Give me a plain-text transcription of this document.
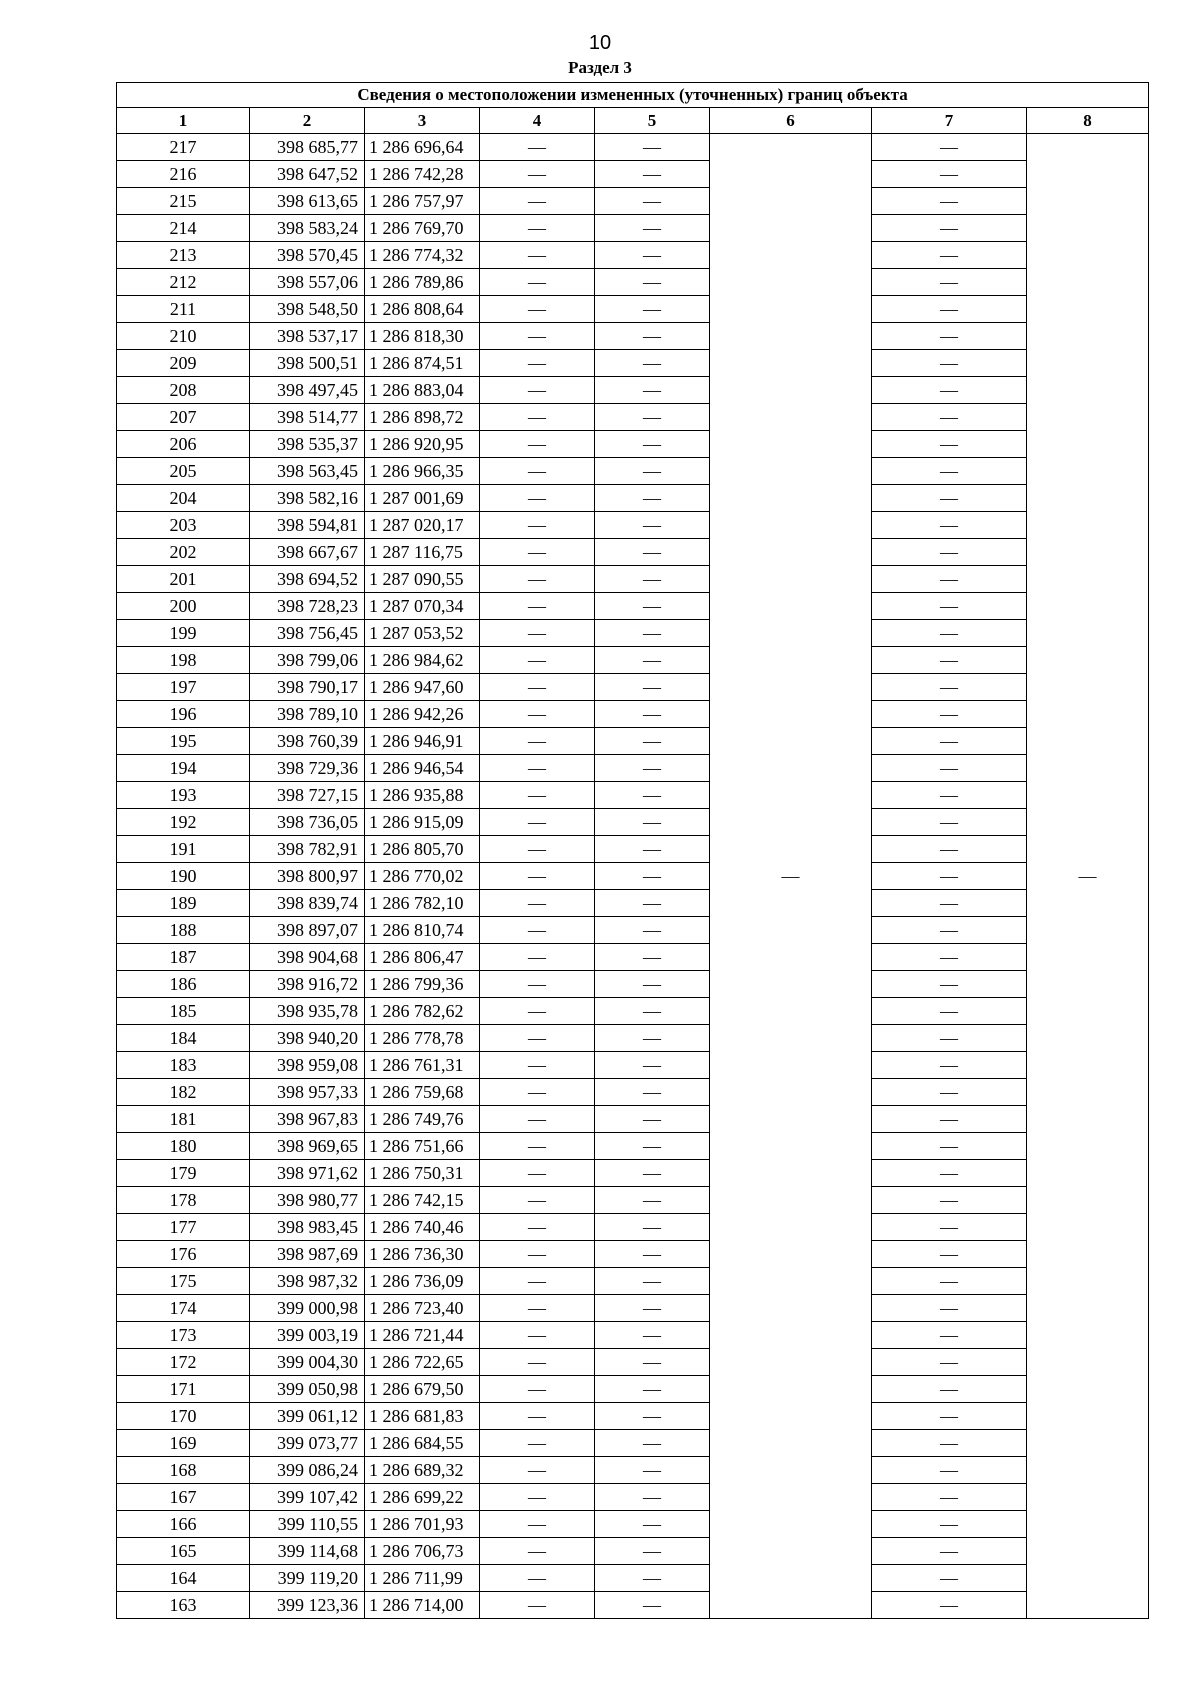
10
Раздел 3
Сведения о местоположении измененных (уточненных) границ объекта							
1	2	3	4	5	6	7	8
217	398 685,77	1 286 696,64	—	—	—	—	—
216	398 647,52	1 286 742,28	—	—		—	
215	398 613,65	1 286 757,97	—	—		—	
214	398 583,24	1 286 769,70	—	—		—	
213	398 570,45	1 286 774,32	—	—		—	
212	398 557,06	1 286 789,86	—	—		—	
211	398 548,50	1 286 808,64	—	—		—	
210	398 537,17	1 286 818,30	—	—		—	
209	398 500,51	1 286 874,51	—	—		—	
208	398 497,45	1 286 883,04	—	—		—	
207	398 514,77	1 286 898,72	—	—		—	
206	398 535,37	1 286 920,95	—	—		—	
205	398 563,45	1 286 966,35	—	—		—	
204	398 582,16	1 287 001,69	—	—		—	
203	398 594,81	1 287 020,17	—	—		—	
202	398 667,67	1 287 116,75	—	—		—	
201	398 694,52	1 287 090,55	—	—		—	
200	398 728,23	1 287 070,34	—	—		—	
199	398 756,45	1 287 053,52	—	—		—	
198	398 799,06	1 286 984,62	—	—		—	
197	398 790,17	1 286 947,60	—	—		—	
196	398 789,10	1 286 942,26	—	—		—	
195	398 760,39	1 286 946,91	—	—		—	
194	398 729,36	1 286 946,54	—	—		—	
193	398 727,15	1 286 935,88	—	—		—	
192	398 736,05	1 286 915,09	—	—		—	
191	398 782,91	1 286 805,70	—	—		—	
190	398 800,97	1 286 770,02	—	—		—	
189	398 839,74	1 286 782,10	—	—		—	
188	398 897,07	1 286 810,74	—	—		—	
187	398 904,68	1 286 806,47	—	—		—	
186	398 916,72	1 286 799,36	—	—		—	
185	398 935,78	1 286 782,62	—	—		—	
184	398 940,20	1 286 778,78	—	—		—	
183	398 959,08	1 286 761,31	—	—		—	
182	398 957,33	1 286 759,68	—	—		—	
181	398 967,83	1 286 749,76	—	—		—	
180	398 969,65	1 286 751,66	—	—		—	
179	398 971,62	1 286 750,31	—	—		—	
178	398 980,77	1 286 742,15	—	—		—	
177	398 983,45	1 286 740,46	—	—		—	
176	398 987,69	1 286 736,30	—	—		—	
175	398 987,32	1 286 736,09	—	—		—	
174	399 000,98	1 286 723,40	—	—		—	
173	399 003,19	1 286 721,44	—	—		—	
172	399 004,30	1 286 722,65	—	—		—	
171	399 050,98	1 286 679,50	—	—		—	
170	399 061,12	1 286 681,83	—	—		—	
169	399 073,77	1 286 684,55	—	—		—	
168	399 086,24	1 286 689,32	—	—		—	
167	399 107,42	1 286 699,22	—	—		—	
166	399 110,55	1 286 701,93	—	—		—	
165	399 114,68	1 286 706,73	—	—		—	
164	399 119,20	1 286 711,99	—	—		—	
163	399 123,36	1 286 714,00	—	—		—	
